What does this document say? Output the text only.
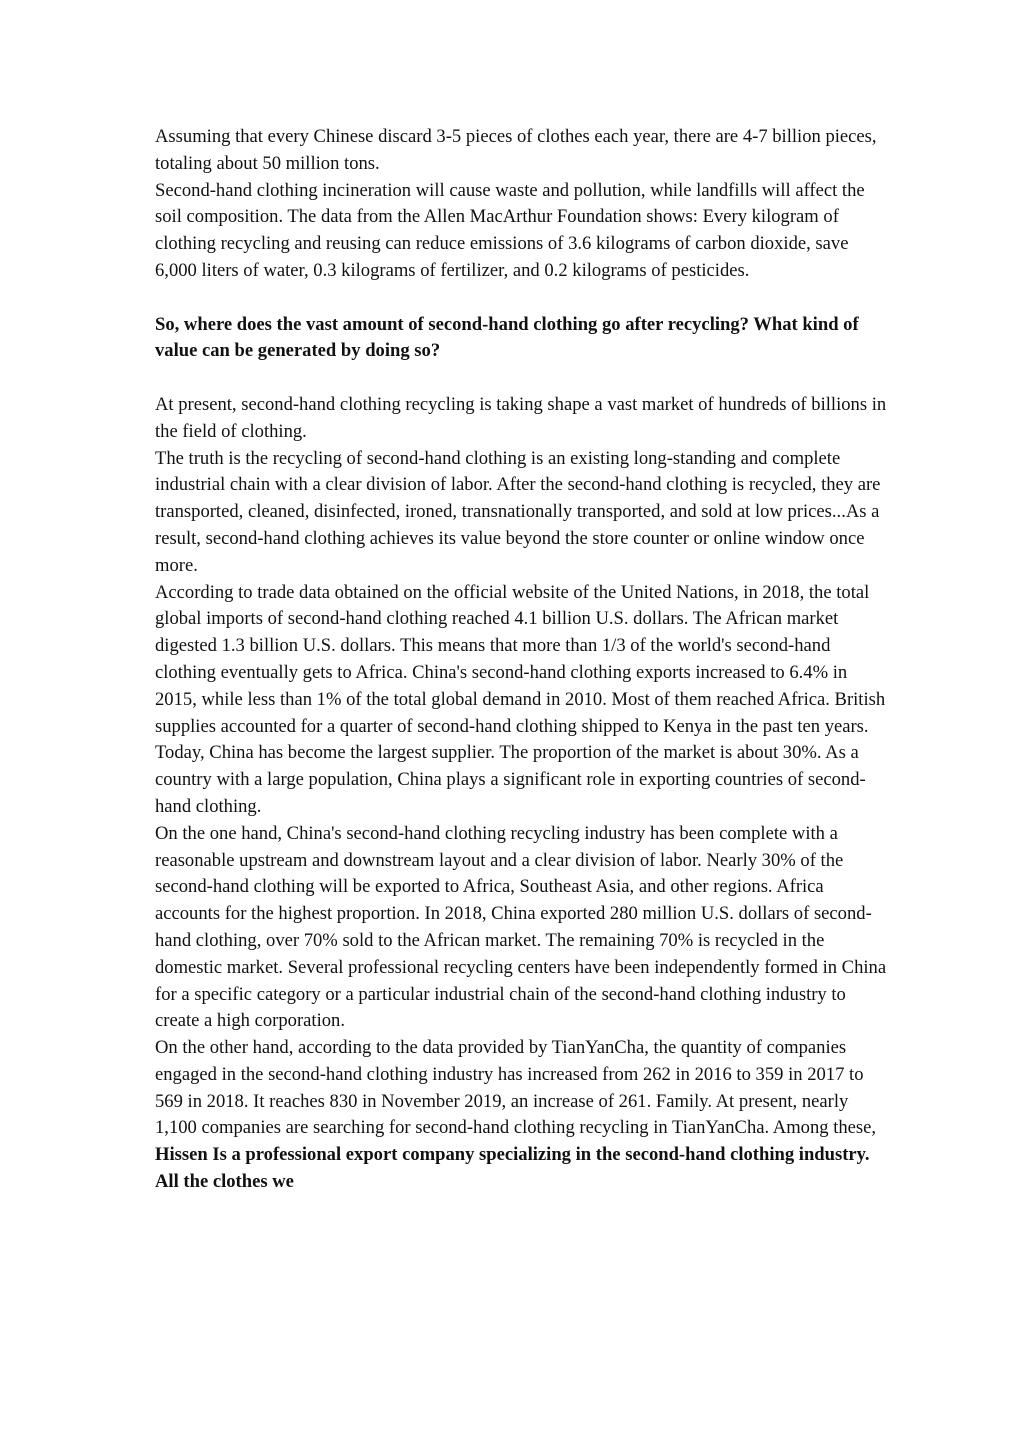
Assuming that every Chinese discard 3-5 pieces of clothes each year, there are 4-7 billion pieces, totaling about 50 million tons.

Second-hand clothing incineration will cause waste and pollution, while landfills will affect the soil composition. The data from the Allen MacArthur Foundation shows: Every kilogram of clothing recycling and reusing can reduce emissions of 3.6 kilograms of carbon dioxide, save 6,000 liters of water, 0.3 kilograms of fertilizer, and 0.2 kilograms of pesticides.

So, where does the vast amount of second-hand clothing go after recycling? What kind of value can be generated by doing so?

At present, second-hand clothing recycling is taking shape a vast market of hundreds of billions in the field of clothing.

The truth is the recycling of second-hand clothing is an existing long-standing and complete industrial chain with a clear division of labor. After the second-hand clothing is recycled, they are transported, cleaned, disinfected, ironed, transnationally transported, and sold at low prices...As a result, second-hand clothing achieves its value beyond the store counter or online window once more.

According to trade data obtained on the official website of the United Nations, in 2018, the total global imports of second-hand clothing reached 4.1 billion U.S. dollars. The African market digested 1.3 billion U.S. dollars. This means that more than 1/3 of the world's second-hand clothing eventually gets to Africa. China's second-hand clothing exports increased to 6.4% in 2015, while less than 1% of the total global demand in 2010. Most of them reached Africa. British supplies accounted for a quarter of second-hand clothing shipped to Kenya in the past ten years. Today, China has become the largest supplier. The proportion of the market is about 30%. As a country with a large population, China plays a significant role in exporting countries of second-hand clothing.

On the one hand, China's second-hand clothing recycling industry has been complete with a reasonable upstream and downstream layout and a clear division of labor. Nearly 30% of the second-hand clothing will be exported to Africa, Southeast Asia, and other regions. Africa accounts for the highest proportion. In 2018, China exported 280 million U.S. dollars of second-hand clothing, over 70% sold to the African market. The remaining 70% is recycled in the domestic market. Several professional recycling centers have been independently formed in China for a specific category or a particular industrial chain of the second-hand clothing industry to create a high corporation.

On the other hand, according to the data provided by TianYanCha, the quantity of companies engaged in the second-hand clothing industry has increased from 262 in 2016 to 359 in 2017 to 569 in 2018. It reaches 830 in November 2019, an increase of 261. Family. At present, nearly 1,100 companies are searching for second-hand clothing recycling in TianYanCha. Among these, Hissen Is a professional export company specializing in the second-hand clothing industry. All the clothes we
